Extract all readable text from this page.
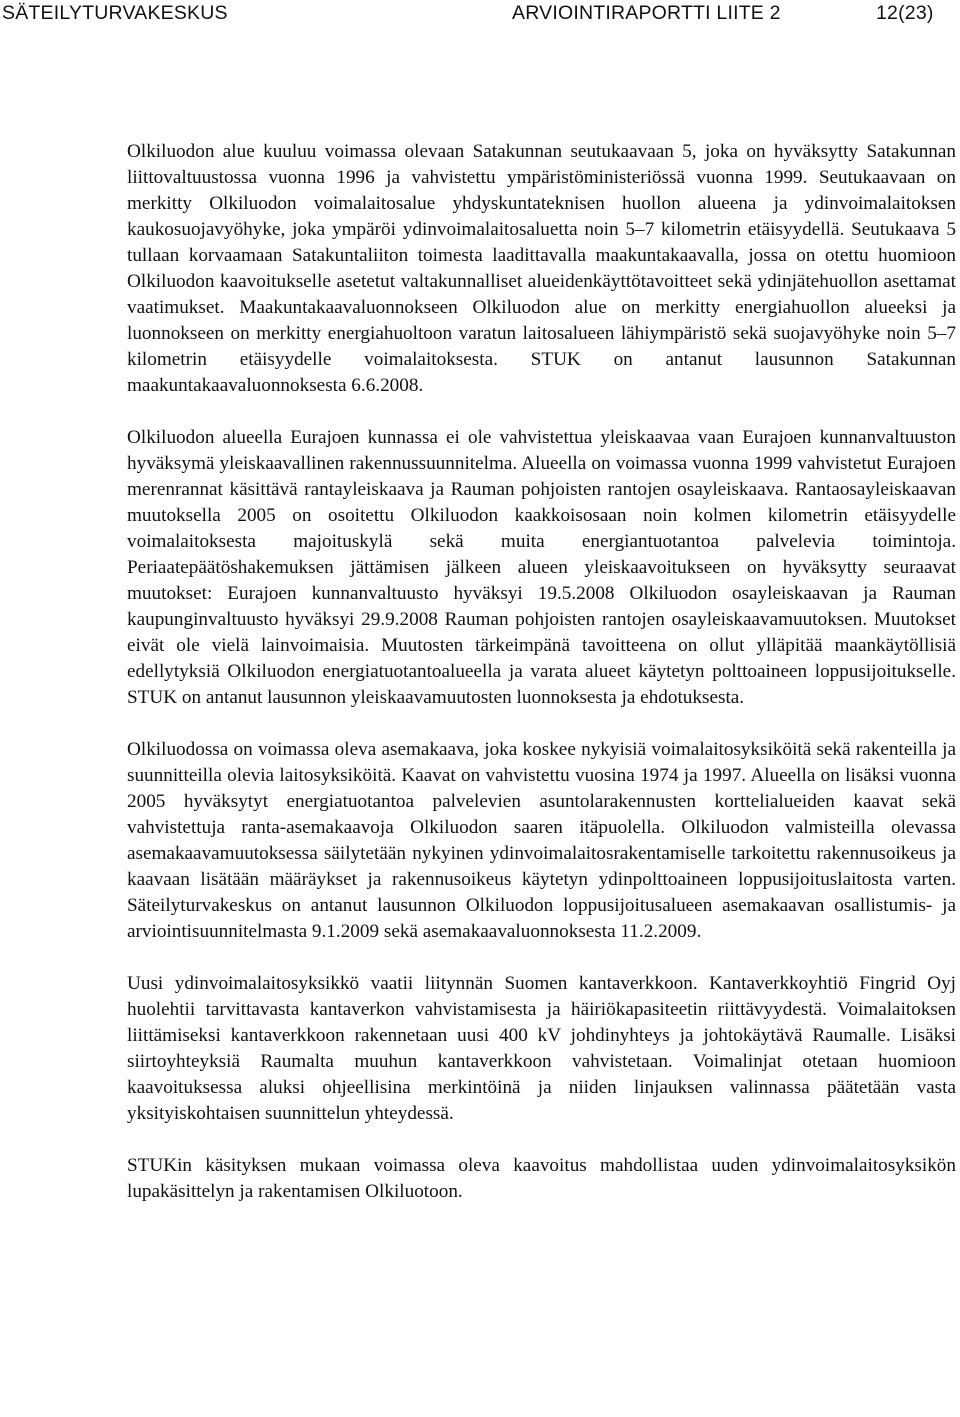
SÄTEILYTURVAKESKUS	ARVIOINTIRAPORTTI LIITE 2	12(23)

Olkiluodon alue kuuluu voimassa olevaan Satakunnan seutukaavaan 5, joka on hyväksytty Satakunnan liittovaltuustossa vuonna 1996 ja vahvistettu ympäristöministeriössä vuonna 1999. Seutukaavaan on merkitty Olkiluodon voimalaitosalue yhdyskuntateknisen huollon alueena ja ydinvoimalaitoksen kaukosuojavyöhyke, joka ympäröi ydinvoimalaitosaluetta noin 5–7 kilometrin etäisyydellä. Seutukaava 5 tullaan korvaamaan Satakuntaliiton toimesta laadittavalla maakuntakaavalla, jossa on otettu huomioon Olkiluodon kaavoitukselle asetetut valtakunnalliset alueidenkäyttötavoitteet sekä ydinjätehuollon asettamat vaatimukset. Maakuntakaavaluonnokseen Olkiluodon alue on merkitty energiahuollon alueeksi ja luonnokseen on merkitty energiahuoltoon varatun laitosalueen lähiympäristö sekä suojavyöhyke noin 5–7 kilometrin etäisyydelle voimalaitoksesta. STUK on antanut lausunnon Satakunnan maakuntakaavaluonnoksesta 6.6.2008.

Olkiluodon alueella Eurajoen kunnassa ei ole vahvistettua yleiskaavaa vaan Eurajoen kunnanvaltuuston hyväksymä yleiskaavallinen rakennussuunnitelma. Alueella on voimassa vuonna 1999 vahvistetut Eurajoen merenrannat käsittävä rantayleiskaava ja Rauman pohjoisten rantojen osayleiskaava. Rantaosayleiskaavan muutoksella 2005 on osoitettu Olkiluodon kaakkoisosaan noin kolmen kilometrin etäisyydelle voimalaitoksesta majoituskylä sekä muita energiantuotantoa palvelevia toimintoja. Periaatepäätöshakemuksen jättämisen jälkeen alueen yleiskaavoitukseen on hyväksytty seuraavat muutokset: Eurajoen kunnanvaltuusto hyväksyi 19.5.2008 Olkiluodon osayleiskaavan ja Rauman kaupunginvaltuusto hyväksyi 29.9.2008 Rauman pohjoisten rantojen osayleiskaavamuutoksen. Muutokset eivät ole vielä lainvoimaisia. Muutosten tärkeimpänä tavoitteena on ollut ylläpitää maankäytöllisiä edellytyksiä Olkiluodon energiatuotantoalueella ja varata alueet käytetyn polttoaineen loppusijoitukselle. STUK on antanut lausunnon yleiskaavamuutosten luonnoksesta ja ehdotuksesta.

Olkiluodossa on voimassa oleva asemakaava, joka koskee nykyisiä voimalaitosyksiköitä sekä rakenteilla ja suunnitteilla olevia laitosyksiköitä. Kaavat on vahvistettu vuosina 1974 ja 1997. Alueella on lisäksi vuonna 2005 hyväksytyt energiatuotantoa palvelevien asuntolarakennusten korttelialueiden kaavat sekä vahvistettuja ranta-asemakaavoja Olkiluodon saaren itäpuolella. Olkiluodon valmisteilla olevassa asemakaavamuutoksessa säilytetään nykyinen ydinvoimalaitosrakentamiselle tarkoitettu rakennusoikeus ja kaavaan lisätään määräykset ja rakennusoikeus käytetyn ydinpolttoaineen loppusijoituslaitosta varten. Säteilyturvakeskus on antanut lausunnon Olkiluodon loppusijoitusalueen asemakaavan osallistumis- ja arviointisuunnitelmasta 9.1.2009 sekä asemakaavaluonnoksesta 11.2.2009.

Uusi ydinvoimalaitosyksikkö vaatii liitynnän Suomen kantaverkkoon. Kantaverkkoyhtiö Fingrid Oyj huolehtii tarvittavasta kantaverkon vahvistamisesta ja häiriökapasiteetin riittävyydestä. Voimalaitoksen liittämiseksi kantaverkkoon rakennetaan uusi 400 kV johdinyhteys ja johtokäytävä Raumalle. Lisäksi siirtoyhteyksiä Raumalta muuhun kantaverkkoon vahvistetaan. Voimalinjat otetaan huomioon kaavoituksessa aluksi ohjeellisina merkintöinä ja niiden linjauksen valinnassa päätetään vasta yksityiskohtaisen suunnittelun yhteydessä.

STUKin käsityksen mukaan voimassa oleva kaavoitus mahdollistaa uuden ydinvoimalaitosyksikön lupakäsittelyn ja rakentamisen Olkiluotoon.
